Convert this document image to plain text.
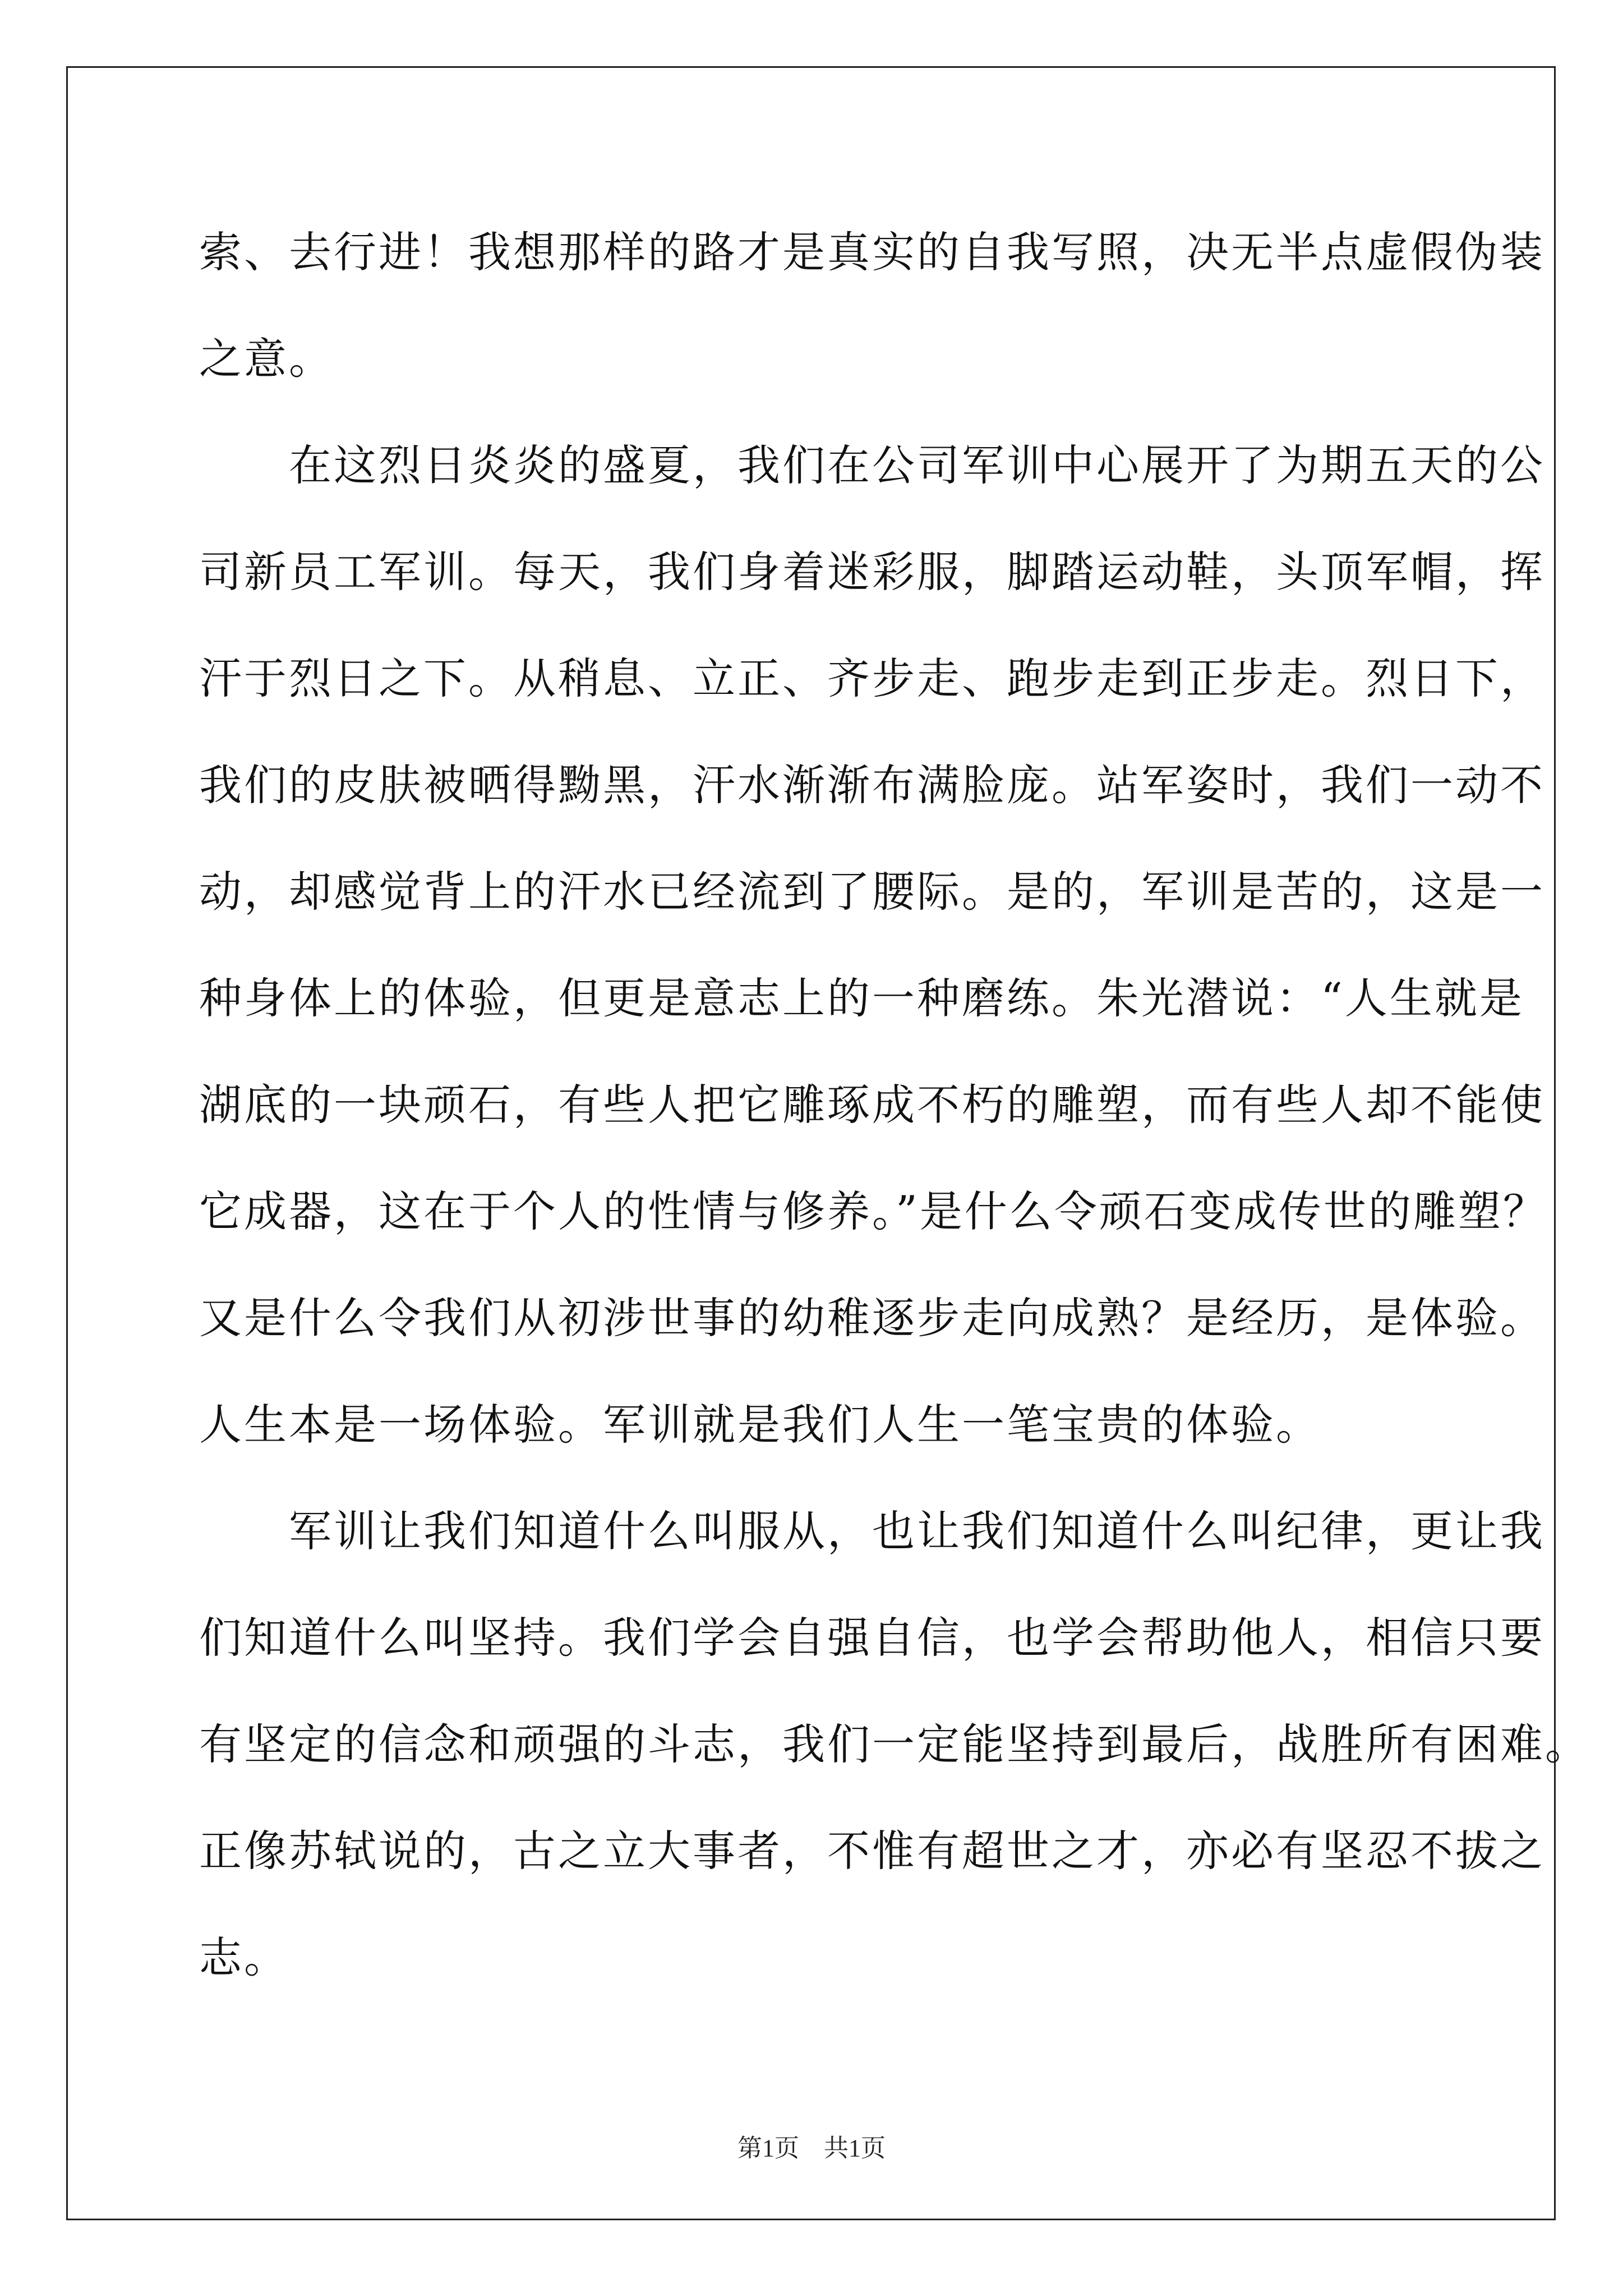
索、去行进！我想那样的路才是真实的自我写照，决无半点虚假伪装
之意。
　　在这烈日炎炎的盛夏，我们在公司军训中心展开了为期五天的公
司新员工军训。每天，我们身着迷彩服，脚踏运动鞋，头顶军帽，挥
汗于烈日之下。从稍息、立正、齐步走、跑步走到正步走。烈日下，
我们的皮肤被晒得黝黑，汗水渐渐布满脸庞。站军姿时，我们一动不
动，却感觉背上的汗水已经流到了腰际。是的，军训是苦的，这是一
种身体上的体验，但更是意志上的一种磨练。朱光潜说：“人生就是
湖底的一块顽石，有些人把它雕琢成不朽的雕塑，而有些人却不能使
它成器，这在于个人的性情与修养。”是什么令顽石变成传世的雕塑？
又是什么令我们从初涉世事的幼稚逐步走向成熟？是经历，是体验。
人生本是一场体验。军训就是我们人生一笔宝贵的体验。
　　军训让我们知道什么叫服从，也让我们知道什么叫纪律，更让我
们知道什么叫坚持。我们学会自强自信，也学会帮助他人，相信只要
有坚定的信念和顽强的斗志，我们一定能坚持到最后，战胜所有困难。
正像苏轼说的，古之立大事者，不惟有超世之才，亦必有坚忍不拔之
志。
第1页　共1页
